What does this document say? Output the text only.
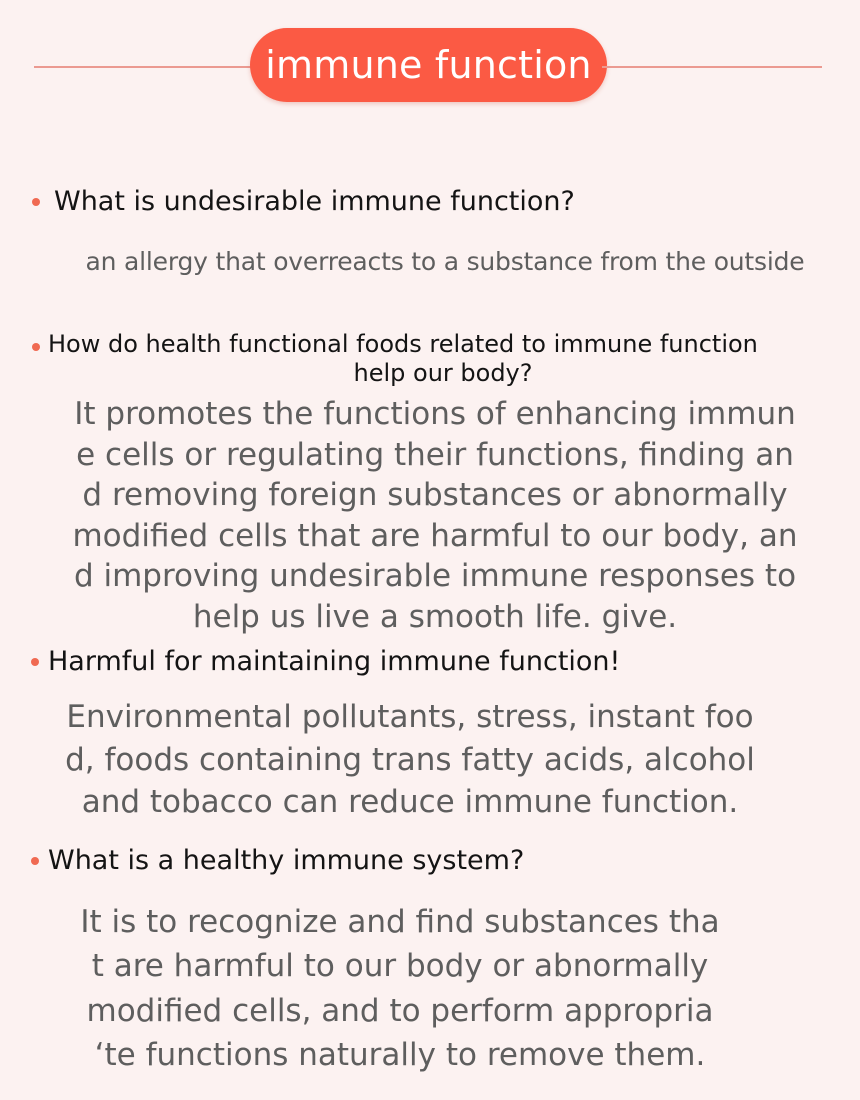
immune function
What is undesirable immune function?
an allergy that overreacts to a substance from the outside
How do health functional foods related to immune function
help our body?
It promotes the functions of enhancing immun
e cells or regulating their functions, finding an
d removing foreign substances or abnormally
modified cells that are harmful to our body, an
d improving undesirable immune responses to
help us live a smooth life. give.
Harmful for maintaining immune function!
Environmental pollutants, stress, instant foo
d, foods containing trans fatty acids, alcohol
and tobacco can reduce immune function.
What is a healthy immune system?
It is to recognize and find substances tha
t are harmful to our body or abnormally
modified cells, and to perform appropria
‘te functions naturally to remove them.
